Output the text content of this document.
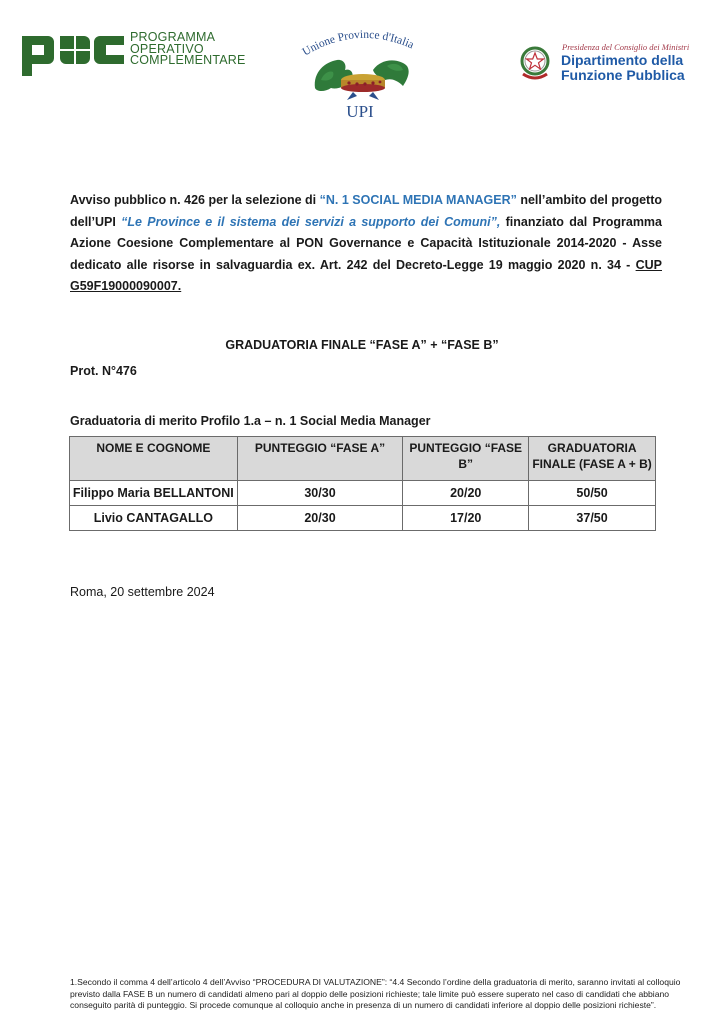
PROGRAMMA
OPERATIVO
COMPLEMENTARE
Unione Province d'Italia
UPI
Presidenza del Consiglio dei Ministri
Dipartimento della
Funzione Pubblica
Avviso pubblico n. 426 per la selezione di “N. 1 SOCIAL MEDIA MANAGER” nell’ambito del progetto dell’UPI “Le Province e il sistema dei servizi a supporto dei Comuni”, finanziato dal Programma Azione Coesione Complementare al PON Governance e Capacità Istituzionale 2014-2020 - Asse dedicato alle risorse in salvaguardia ex. Art. 242 del Decreto-Legge 19 maggio 2020 n. 34 - CUP G59F19000090007.
GRADUATORIA FINALE “FASE A” + “FASE B”
Prot. N°476
Graduatoria di merito Profilo 1.a – n. 1 Social Media Manager
NOME E COGNOME	PUNTEGGIO “FASE A”	PUNTEGGIO “FASE B”	GRADUATORIA FINALE (FASE A + B)
Filippo Maria BELLANTONI	30/30	20/20	50/50
Livio CANTAGALLO	20/30	17/20	37/50
Roma, 20 settembre 2024
1.Secondo il comma 4 dell’articolo 4 dell’Avviso “PROCEDURA DI VALUTAZIONE”: “4.4 Secondo l’ordine della graduatoria di merito, saranno invitati al colloquio previsto dalla FASE B un numero di candidati almeno pari al doppio delle posizioni richieste; tale limite può essere superato nel caso di candidati che abbiano conseguito parità di punteggio. Si procede comunque al colloquio anche in presenza di un numero di candidati inferiore al doppio delle posizioni richieste”.
